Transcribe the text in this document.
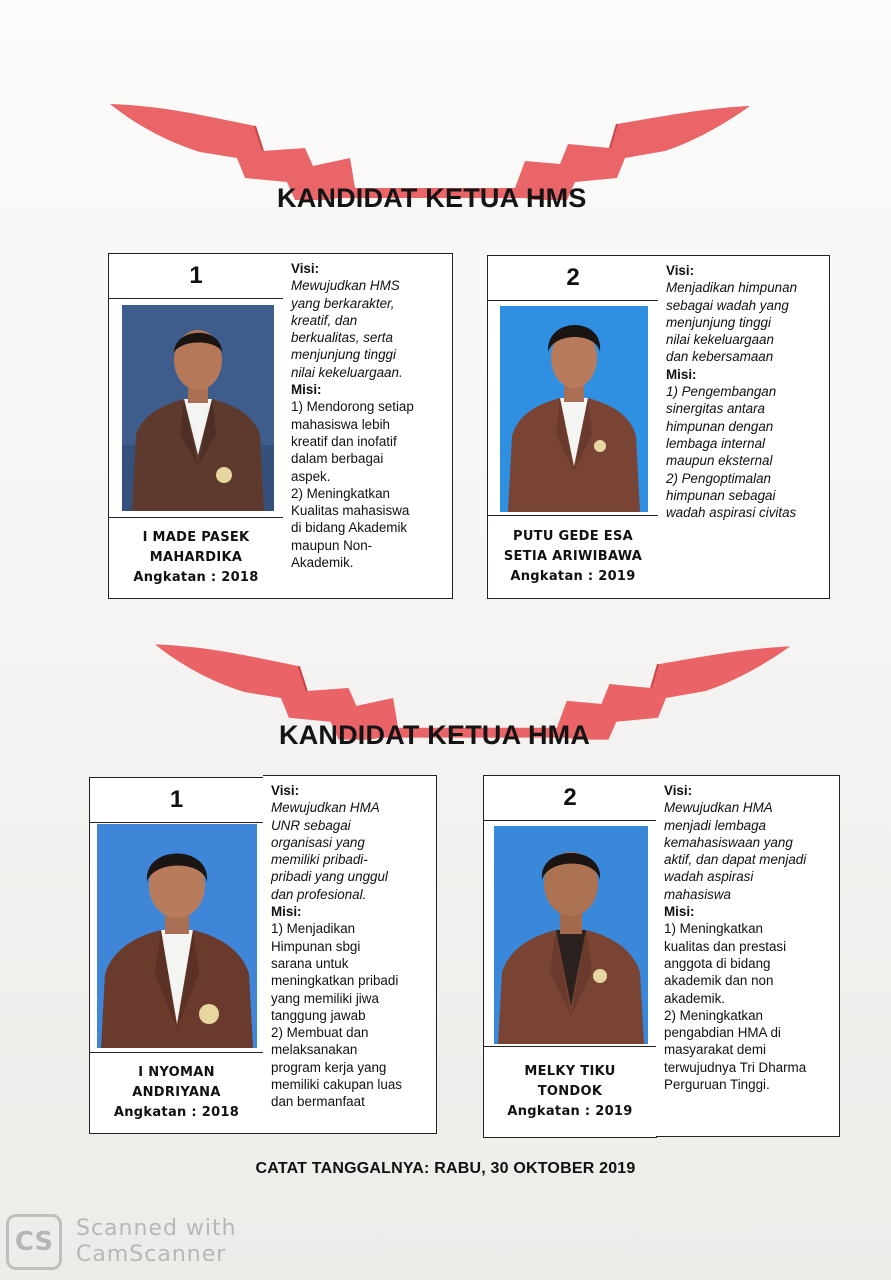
KANDIDAT KETUA HMS
1
I MADE PASEK
MAHARDIKA
Angkatan : 2018

Visi:

Mewujudkan HMS

yang berkarakter,

kreatif, dan

berkualitas, serta

menjunjung tinggi

nilai kekeluargaan.

Misi:

1) Mendorong setiap

mahasiswa lebih

kreatif dan inofatif

dalam berbagai

aspek.

2) Meningkatkan

Kualitas mahasiswa

di bidang Akademik

maupun Non-

Akademik.

2
PUTU GEDE ESA
SETIA ARIWIBAWA
Angkatan : 2019

Visi:

Menjadikan himpunan

sebagai wadah yang

menjunjung tinggi

nilai kekeluargaan

dan kebersamaan

Misi:

1) Pengembangan

sinergitas antara

himpunan dengan

lembaga internal

maupun eksternal

2) Pengoptimalan

himpunan sebagai

wadah aspirasi civitas

KANDIDAT KETUA HMA
1
I NYOMAN
ANDRIYANA
Angkatan : 2018

Visi:

Mewujudkan HMA

UNR sebagai

organisasi yang

memiliki pribadi-

pribadi yang unggul

dan profesional.

Misi:

1) Menjadikan

Himpunan sbgi

sarana untuk

meningkatkan pribadi

yang memiliki jiwa

tanggung jawab

2) Membuat dan

melaksanakan

program kerja yang

memiliki cakupan luas

dan bermanfaat

2
MELKY TIKU
TONDOK
Angkatan : 2019

Visi:

Mewujudkan HMA

menjadi lembaga

kemahasiswaan yang

aktif, dan dapat menjadi

wadah aspirasi

mahasiswa

Misi:

1) Meningkatkan

kualitas dan prestasi

anggota di bidang

akademik dan non

akademik.

2) Meningkatkan

pengabdian HMA di

masyarakat demi

terwujudnya Tri Dharma

Perguruan Tinggi.

CATAT TANGGALNYA: RABU, 30 OKTOBER 2019
CS	Scanned with
CamScanner
